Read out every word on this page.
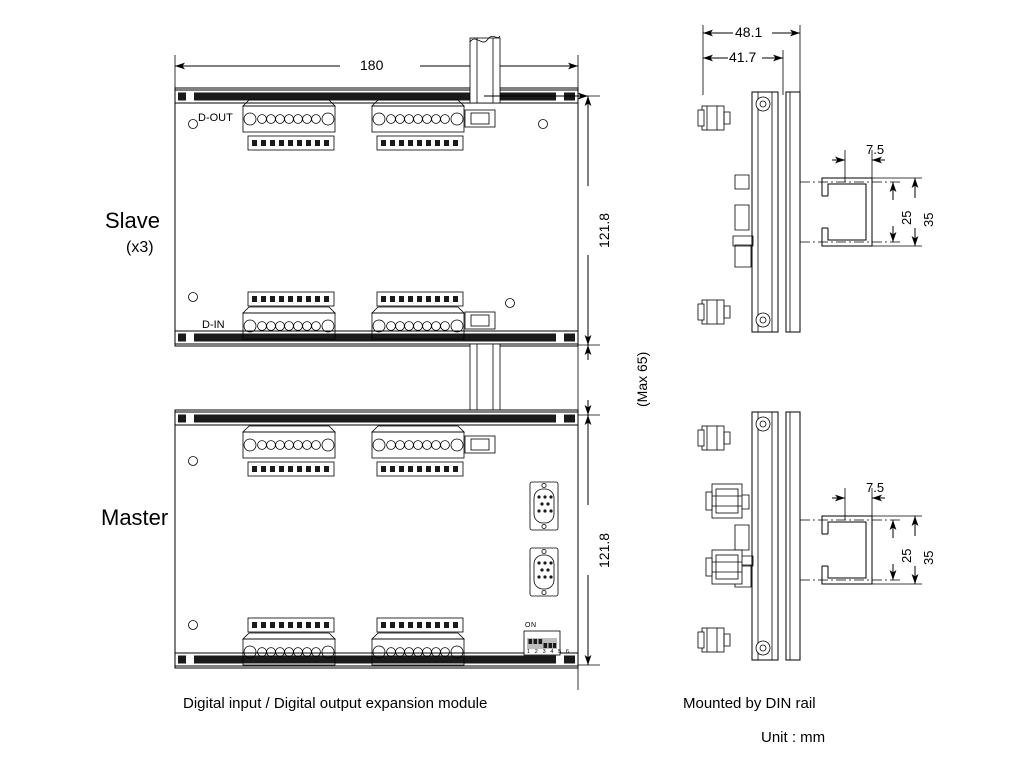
Slave
(x3)
Master
D-OUT
D-IN
ON
1 2 3 4 5 6
180
121.8
(Max 65)
121.8
48.1
41.7
7.5
25 35
7.5
25 35
Digital input / Digital output expansion module	Mounted by DIN rail
Unit : mm
